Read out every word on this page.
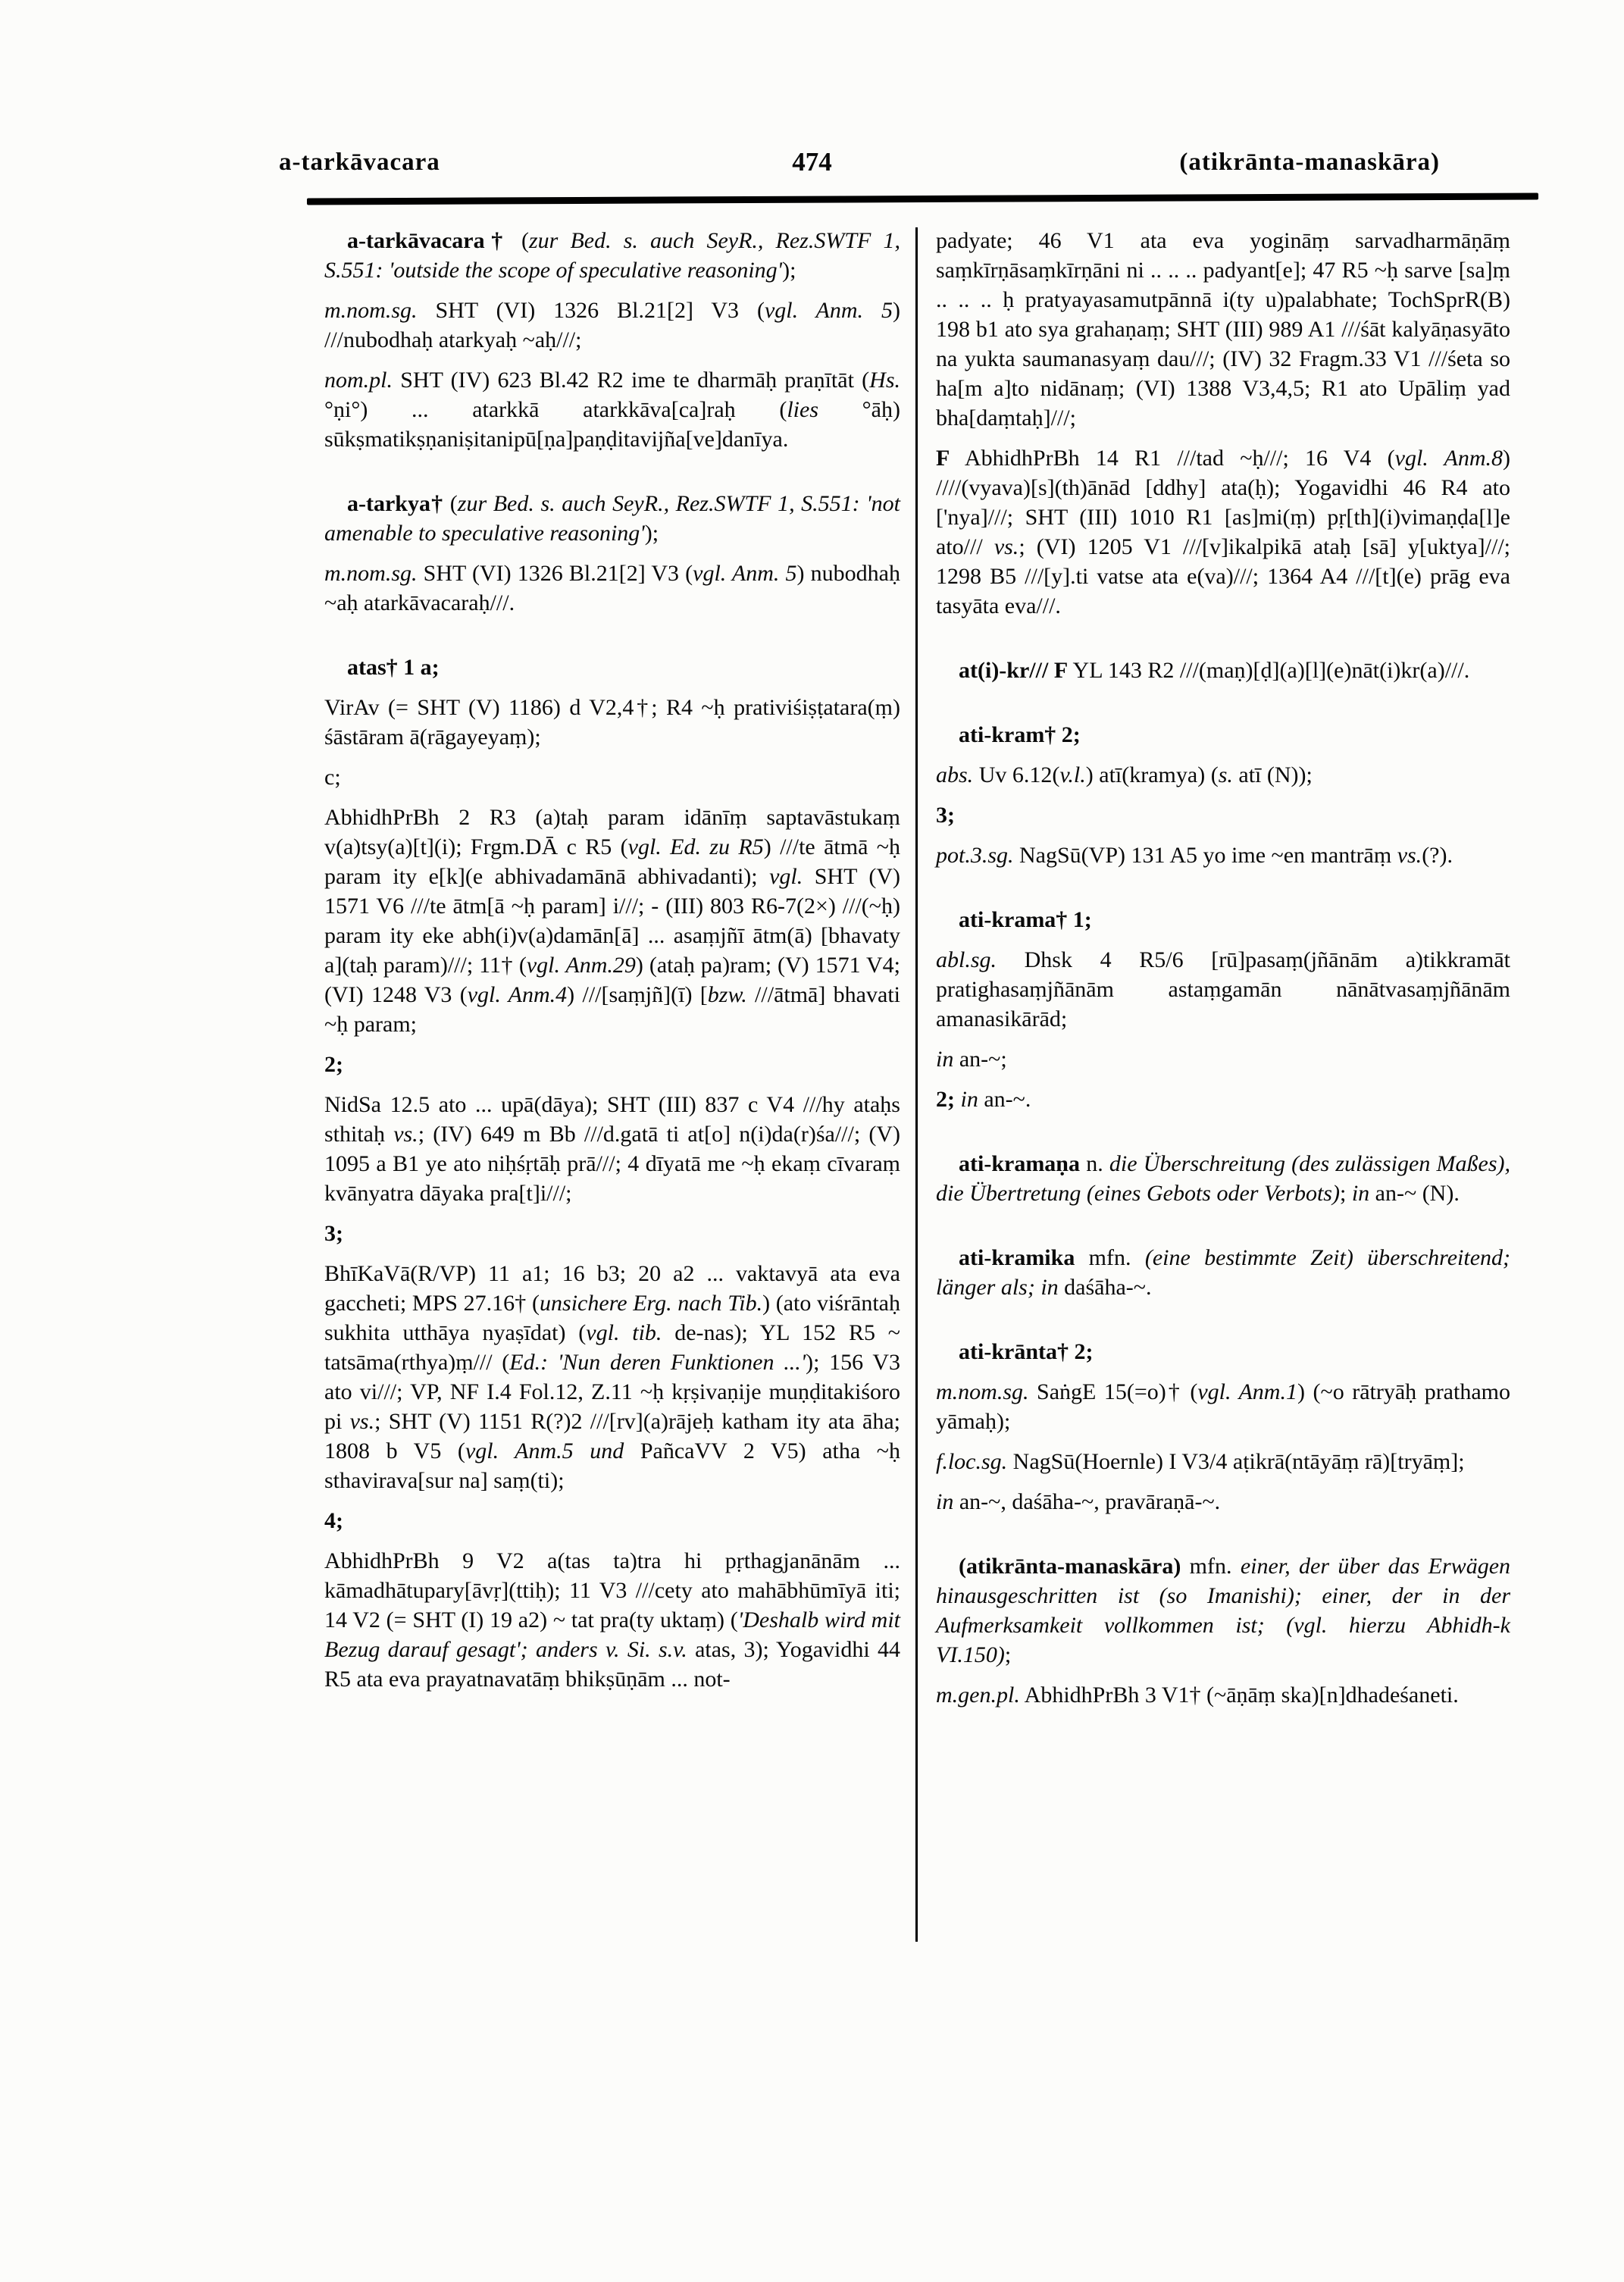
474
a-tarkāvacara	(atikrānta-manaskāra)
a-tarkāvacara† (zur Bed. s. auch SeyR., Rez.SWTF 1, S.551: 'outside the scope of speculative reasoning');
m.nom.sg. SHT (VI) 1326 Bl.21[2] V3 (vgl. Anm. 5) ///nubodhaḥ atarkyaḥ ~aḥ///;
nom.pl. SHT (IV) 623 Bl.42 R2 ime te dharmāḥ praṇītāt (Hs. °ṇi°) ... atarkkā atarkkāva[ca]raḥ (lies °āḥ) sūkṣmatikṣṇaniṣitanipū[ṇa]paṇḍitavijña[ve]danīya.
a-tarkya† (zur Bed. s. auch SeyR., Rez.SWTF 1, S.551: 'not amenable to speculative reasoning');
m.nom.sg. SHT (VI) 1326 Bl.21[2] V3 (vgl. Anm. 5) nubodhaḥ ~aḥ atarkāvacaraḥ///.
atas† 1 a;
VirAv (= SHT (V) 1186) d V2,4†; R4 ~ḥ prativiśiṣṭatara(ṃ) śāstāram ā(rāgayeyaṃ);
c;
AbhidhPrBh 2 R3 (a)taḥ param idānīṃ saptavāstukaṃ v(a)tsy(a)[t](i); Frgm.DĀ c R5 (vgl. Ed. zu R5) ///te ātmā ~ḥ param ity e[k](e abhivadamānā abhivadanti); vgl. SHT (V) 1571 V6 ///te ātm[ā ~ḥ param] i///; - (III) 803 R6-7(2×) ///(~ḥ) param ity eke abh(i)v(a)damān[ā] ... asaṃjñī ātm(ā) [bhavaty a](taḥ param)///; 11† (vgl. Anm.29) (ataḥ pa)ram; (V) 1571 V4; (VI) 1248 V3 (vgl. Anm.4) ///[saṃjñ](ī) [bzw. ///ātmā] bhavati ~ḥ param;
2;
NidSa 12.5 ato ... upā(dāya); SHT (III) 837 c V4 ///hy ataḥs sthitaḥ vs.; (IV) 649 m Bb ///d.gatā ti at[o] n(i)da(r)śa///; (V) 1095 a B1 ye ato niḥśṛtāḥ prā///; 4 dīyatā me ~ḥ ekaṃ cīvaraṃ kvānyatra dāyaka pra[t]i///;
3;
BhīKaVā(R/VP) 11 a1; 16 b3; 20 a2 ... vaktavyā ata eva gaccheti; MPS 27.16† (unsichere Erg. nach Tib.) (ato viśrāntaḥ sukhita utthāya nyaṣīdat) (vgl. tib. de-nas); YL 152 R5 ~ tatsāma(rthya)ṃ/// (Ed.: 'Nun deren Funktionen ...'); 156 V3 ato vi///; VP, NF I.4 Fol.12, Z.11 ~ḥ kṛṣivaṇije muṇḍitakiśoro pi vs.; SHT (V) 1151 R(?)2 ///[rv](a)rājeḥ katham ity ata āha; 1808 b V5 (vgl. Anm.5 und PañcaVV 2 V5) atha ~ḥ sthavirava[sur na] saṃ(ti);
4;
AbhidhPrBh 9 V2 a(tas ta)tra hi pṛthagjanānām ... kāmadhātupary[āvṛ](ttiḥ); 11 V3 ///cety ato mahābhūmīyā iti; 14 V2 (= SHT (I) 19 a2) ~ tat pra(ty uktaṃ) ('Deshalb wird mit Bezug darauf gesagt'; anders v. Si. s.v. atas, 3); Yogavidhi 44 R5 ata eva prayatnavatāṃ bhikṣūṇām ... not-
padyate; 46 V1 ata eva yogināṃ sarvadharmāṇāṃ saṃkīrṇāsaṃkīrṇāni ni .. .. .. padyant[e]; 47 R5 ~ḥ sarve [sa]ṃ .. .. .. ḥ pratyayasamutpānnā i(ty u)palabhate; TochSprR(B) 198 b1 ato sya grahaṇaṃ; SHT (III) 989 A1 ///śāt kalyāṇasyāto na yukta saumanasyaṃ dau///; (IV) 32 Fragm.33 V1 ///śeta so ha[m a]to nidānaṃ; (VI) 1388 V3,4,5; R1 ato Upāliṃ yad bha[daṃtaḥ]///;
F AbhidhPrBh 14 R1 ///tad ~ḥ///; 16 V4 (vgl. Anm.8) ////(vyava)[s](th)ānād [ddhy] ata(ḥ); Yogavidhi 46 R4 ato ['nya]///; SHT (III) 1010 R1 [as]mi(ṃ) pṛ[th](i)vimaṇḍa[l]e ato/// vs.; (VI) 1205 V1 ///[v]ikalpikā ataḥ [sā] y[uktya]///; 1298 B5 ///[y].ti vatse ata e(va)///; 1364 A4 ///[t](e) prāg eva tasyāta eva///.
at(i)-kr/// F YL 143 R2 ///(maṇ)[ḍ](a)[l](e)nāt(i)kr(a)///.
ati-kram† 2;
abs. Uv 6.12(v.l.) atī(kramya) (s. atī (N));
3;
pot.3.sg. NagSū(VP) 131 A5 yo ime ~en mantrāṃ vs.(?).
ati-krama† 1;
abl.sg. Dhsk 4 R5/6 [rū]pasaṃ(jñānām a)tikkramāt pratighasaṃjñānām astaṃgamān nānātvasaṃjñānām amanasikārād;
in an-~;
2; in an-~.
ati-kramaṇa n. die Überschreitung (des zulässigen Maßes), die Übertretung (eines Gebots oder Verbots); in an-~ (N).
ati-kramika mfn. (eine bestimmte Zeit) überschreitend; länger als; in daśāha-~.
ati-krānta† 2;
m.nom.sg. SaṅgE 15(=o)† (vgl. Anm.1) (~o rātryāḥ prathamo yāmaḥ);
f.loc.sg. NagSū(Hoernle) I V3/4 aṭikrā(ntāyāṃ rā)[tryāṃ];
in an-~, daśāha-~, pravāraṇā-~.
(atikrānta-manaskāra) mfn. einer, der über das Erwägen hinausgeschritten ist (so Imanishi); einer, der in der Aufmerksamkeit vollkommen ist; (vgl. hierzu Abhidh-k VI.150);
m.gen.pl. AbhidhPrBh 3 V1† (~āṇāṃ ska)[n]dhadeśaneti.
